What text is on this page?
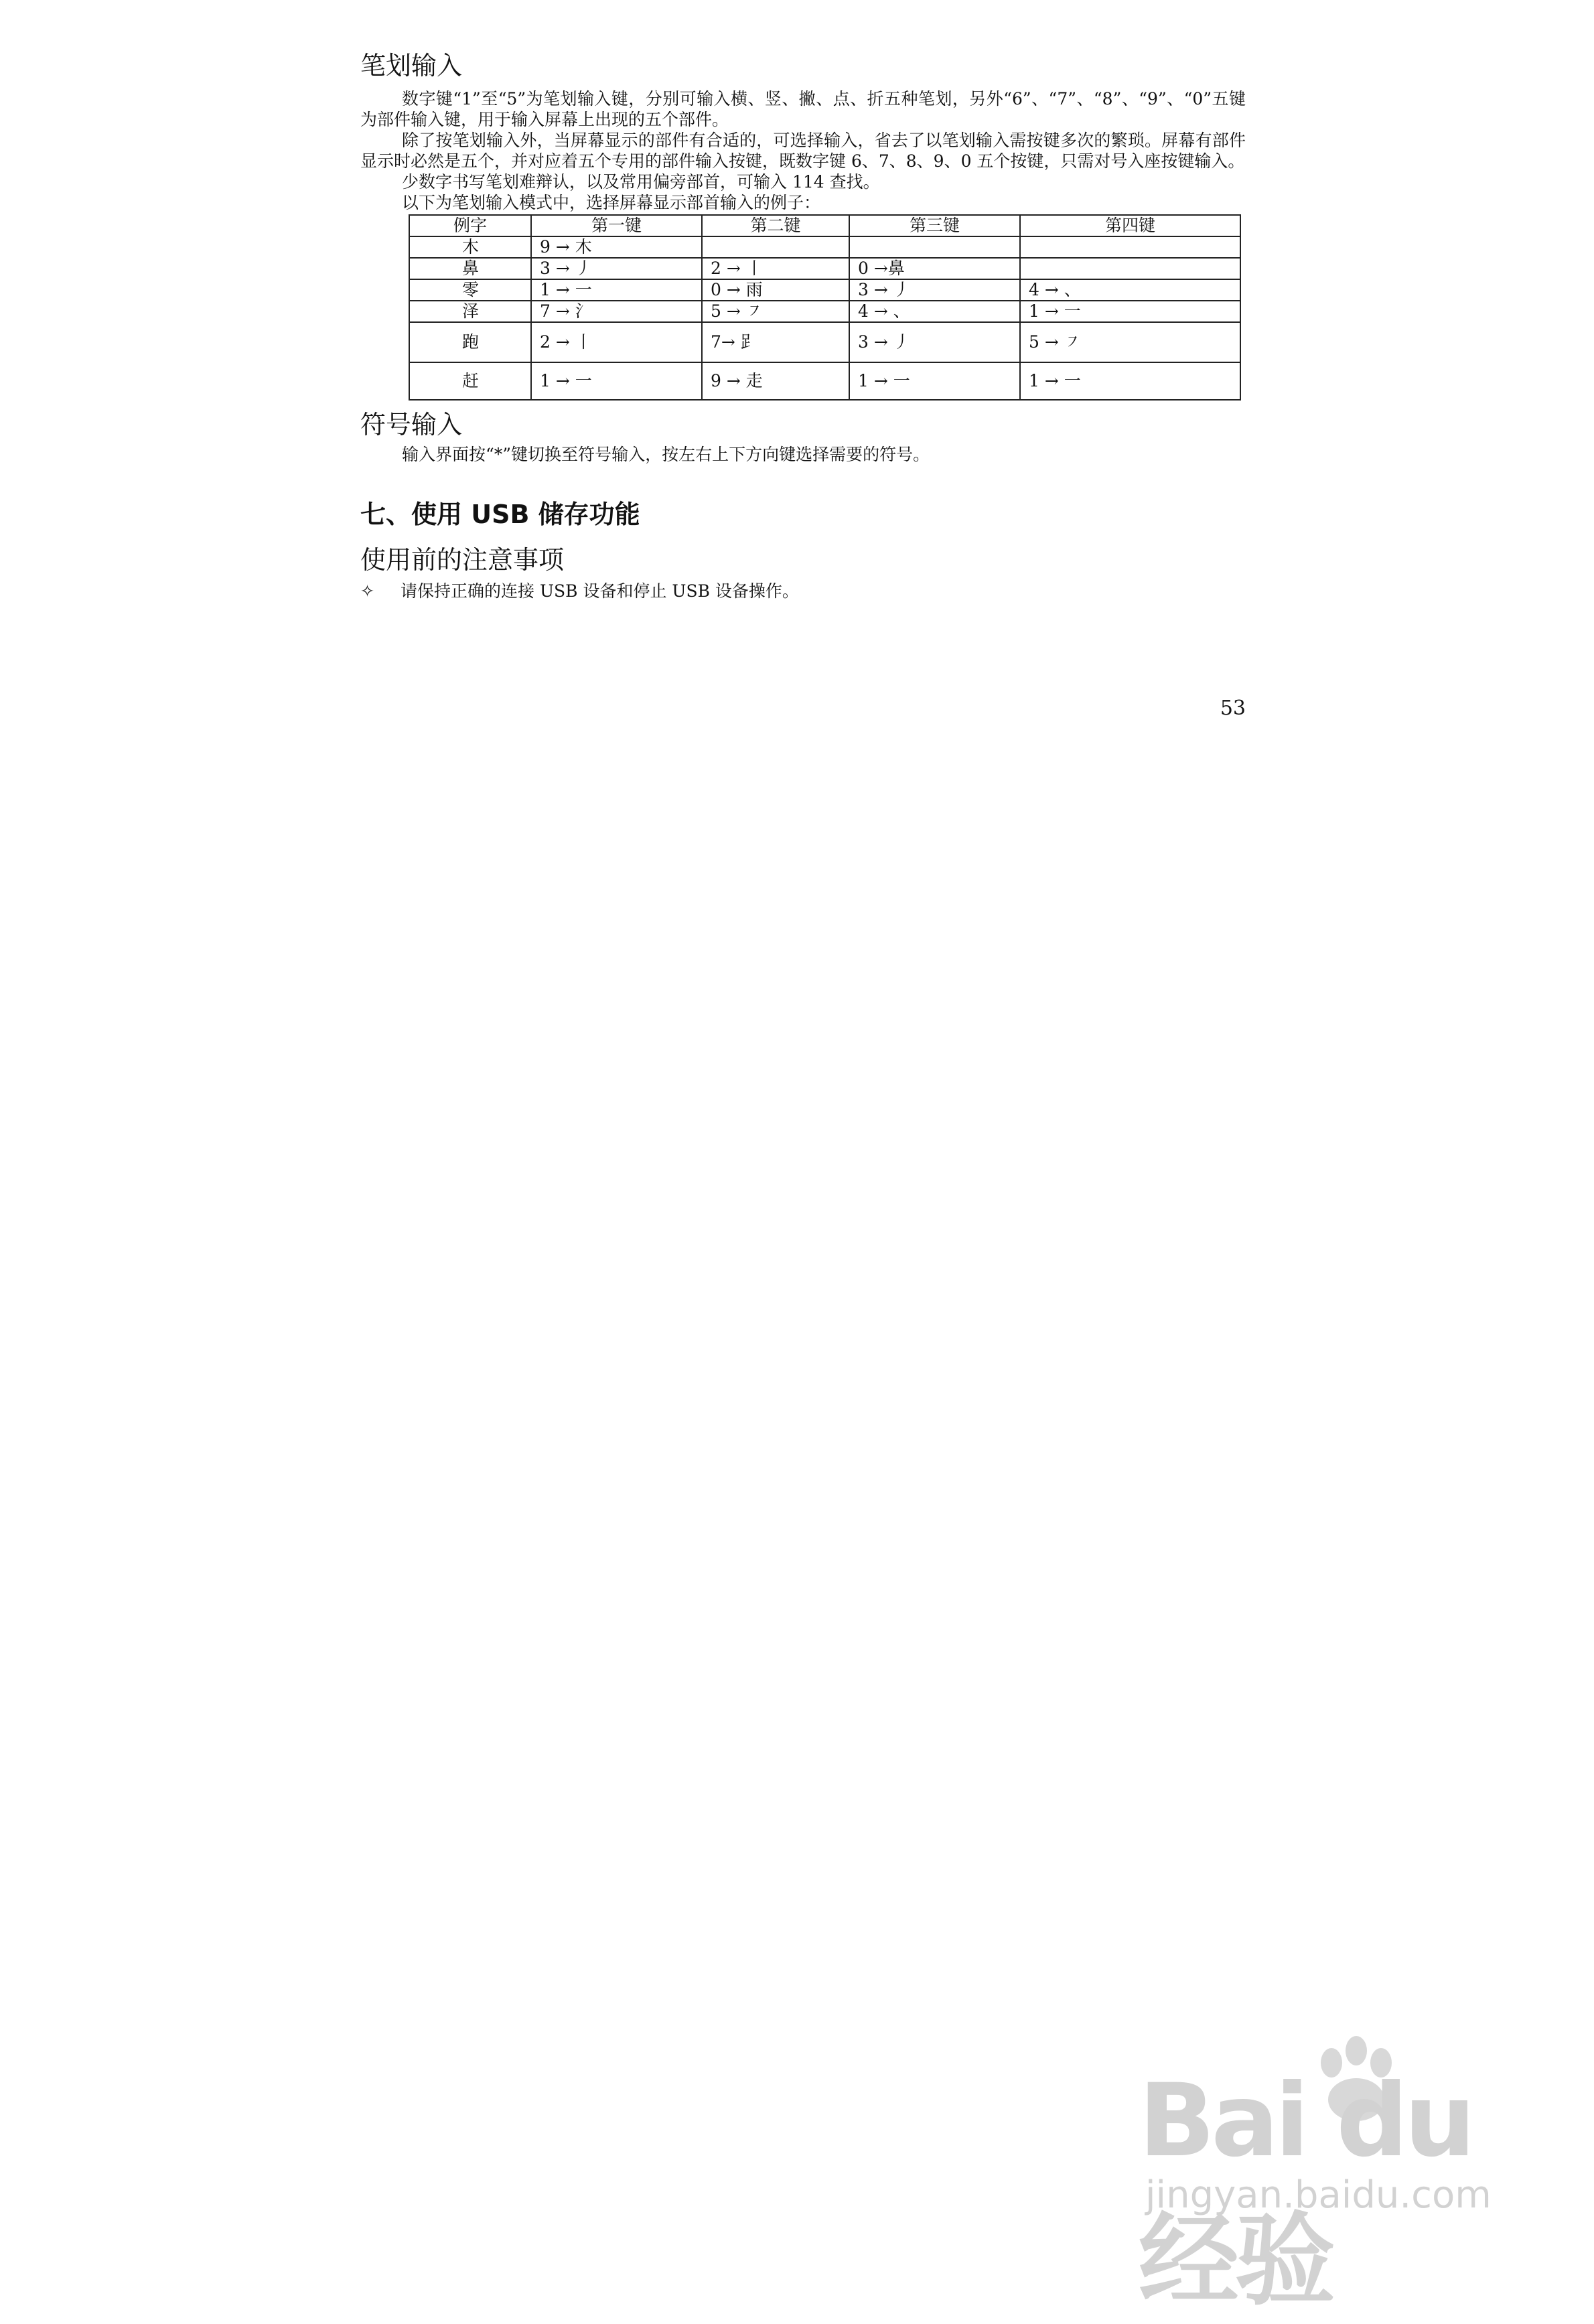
笔划输入

数字键“1”至“5”为笔划输入键，分别可输入横、竖、撇、点、折五种笔划，另外“6”、“7”、“8”、“9”、“0”五键为部件输入键，用于输入屏幕上出现的五个部件。

除了按笔划输入外，当屏幕显示的部件有合适的，可选择输入，省去了以笔划输入需按键多次的繁琐。屏幕有部件显示时必然是五个，并对应着五个专用的部件输入按键，既数字键 6、7、8、9、0 五个按键，只需对号入座按键输入。

少数字书写笔划难辩认，以及常用偏旁部首，可输入 114 查找。

以下为笔划输入模式中，选择屏幕显示部首输入的例子：

例字	第一键	第二键	第三键	第四键
木	9 → 木			
鼻	3 → 丿	2 → 丨	0 →鼻	
零	1 → 一	0 → 雨	3 → 丿	4 → 、
泽	7 → 氵	5 → ㇇	4 → 、	1 → 一
跑	2 → 丨	7→ 𧾷	3 → 丿	5 → ㇇
赶	1 → 一	9 → 走	1 → 一	1 → 一
符号输入

输入界面按“*”键切换至符号输入，按左右上下方向键选择需要的符号。

七、使用 USB 储存功能
使用前的注意事项
✧	请保持正确的连接 USB 设备和停止 USB 设备操作。
53
Bai du 经验
jingyan.baidu.com
